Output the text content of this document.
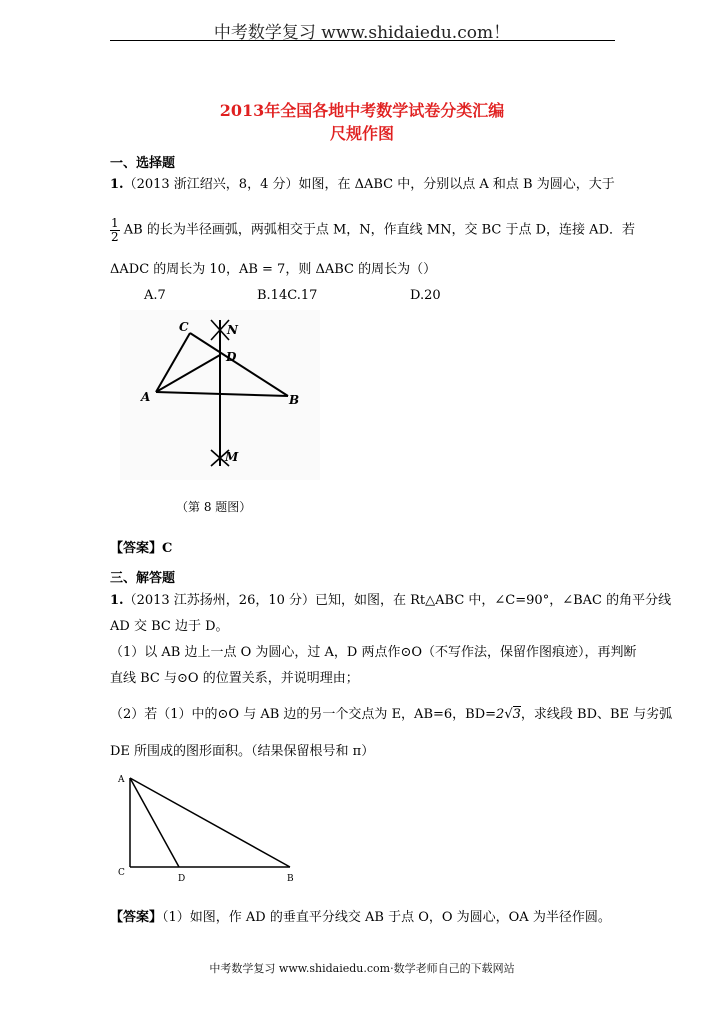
中考数学复习 www.shidaiedu.com！
2013年全国各地中考数学试卷分类汇编
尺规作图
一、选择题
1.（2013 浙江绍兴，8，4 分）如图，在 ΔABC 中，分别以点 A 和点 B 为圆心，大于
$\frac{1}{2}$ AB 的长为半径画弧，两弧相交于点 M，N，作直线 MN，交 BC 于点 D，连接 AD．若
ΔADC 的周长为 10，AB = 7，则 ΔABC 的周长为（）
A.7	B.14C.17	D.20
C	N
D
A	B
M
（第 8 题图）
【答案】C
三、解答题
1.（2013 江苏扬州，26，10 分）已知，如图，在 Rt△ABC 中，∠C=90°，∠BAC 的角平分线
AD 交 BC 边于 D。
（1）以 AB 边上一点 O 为圆心，过 A，D 两点作⊙O（不写作法，保留作图痕迹），再判断
直线 BC 与⊙O 的位置关系，并说明理由；
（2）若（1）中的⊙O 与 AB 边的另一个交点为 E，AB=6，BD=2√3，求线段 BD、BE 与劣弧
DE 所围成的图形面积。（结果保留根号和 π）
A
C
D	B
【答案】（1）如图，作 AD 的垂直平分线交 AB 于点 O，O 为圆心，OA 为半径作圆。
中考数学复习 www.shidaiedu.com·数学老师自己的下载网站
